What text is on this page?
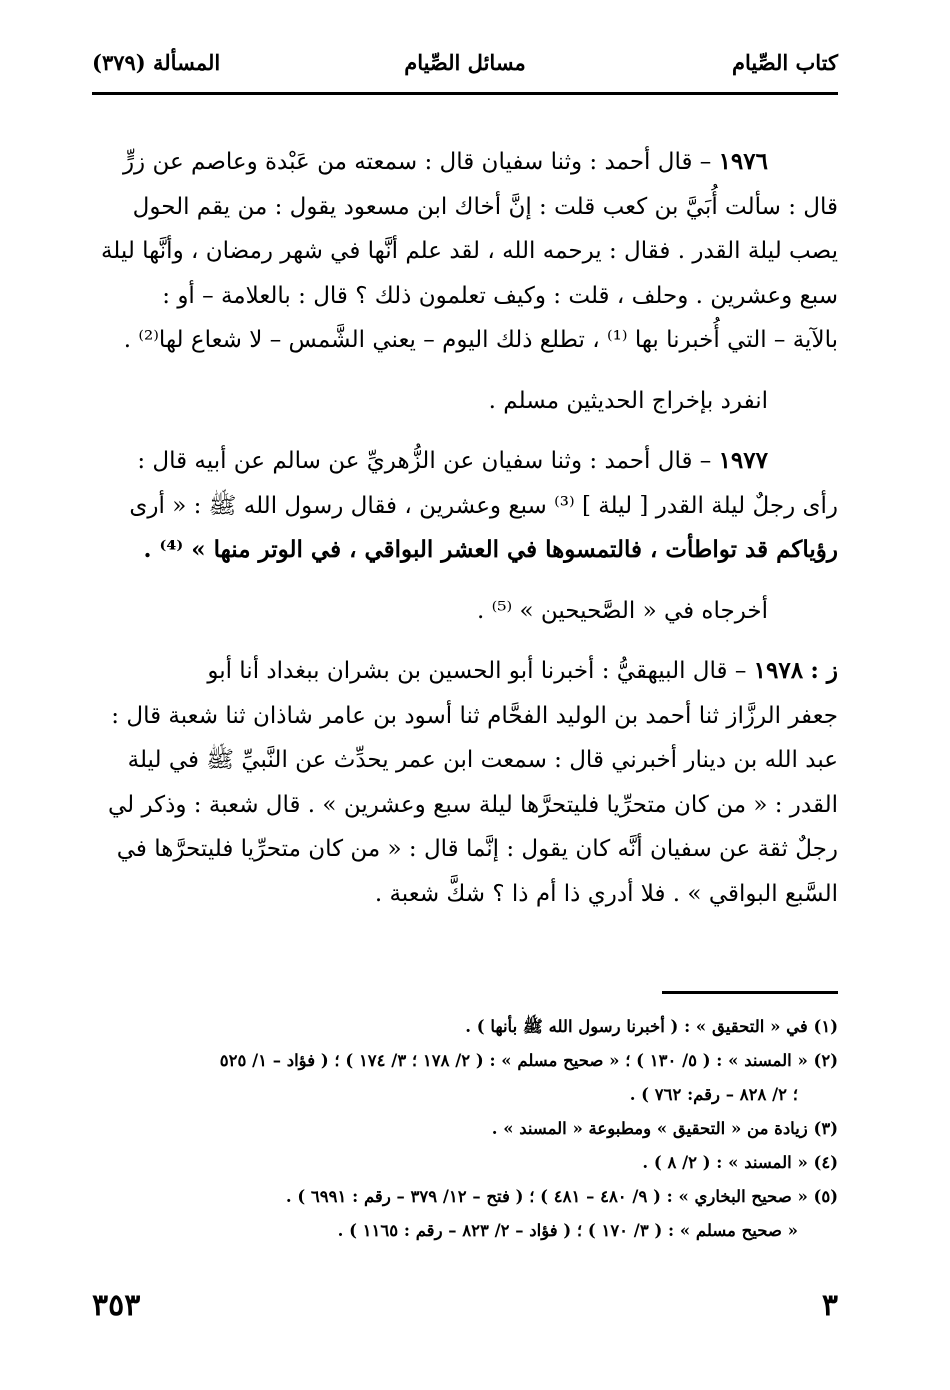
كتاب الصِّيام
مسائل الصِّيام
المسألة (٣٧٩)
١٩٧٦ – قال أحمد : وثنا سفيان قال : سمعته من عَبْدة وعاصم عن زرٍّ
قال : سألت أُبَيَّ بن كعب قلت : إنَّ أخاك ابن مسعود يقول : من يقم الحول
يصب ليلة القدر . فقال : يرحمه الله ، لقد علم أنَّها في شهر رمضان ، وأنَّها ليلة
سبع وعشرين . وحلف ، قلت : وكيف تعلمون ذلك ؟ قال : بالعلامة – أو :
بالآية – التي أُخبرنا بها ⁽¹⁾ ، تطلع ذلك اليوم – يعني الشَّمس – لا شعاع لها⁽²⁾ .
انفرد بإخراج الحديثين مسلم .
١٩٧٧ – قال أحمد : وثنا سفيان عن الزُّهريِّ عن سالم عن أبيه قال :
رأى رجلٌ ليلة القدر [ ليلة ] ⁽³⁾ سبع وعشرين ، فقال رسول الله ﷺ : « أرى
رؤياكم قد تواطأت ، فالتمسوها في العشر البواقي ، في الوتر منها » ⁽⁴⁾ .
أخرجاه في « الصَّحيحين » ⁽⁵⁾ .
ز : ١٩٧٨ – قال البيهقيُّ : أخبرنا أبو الحسين بن بشران ببغداد أنا أبو
جعفر الرزَّاز ثنا أحمد بن الوليد الفحَّام ثنا أسود بن عامر شاذان ثنا شعبة قال :
عبد الله بن دينار أخبرني قال : سمعت ابن عمر يحدِّث عن النَّبيِّ ﷺ في ليلة
القدر : « من كان متحرِّيا فليتحرَّها ليلة سبع وعشرين » . قال شعبة : وذكر لي
رجلٌ ثقة عن سفيان أنَّه كان يقول : إنَّما قال : « من كان متحرِّيا فليتحرَّها في
السَّبع البواقي » . فلا أدري ذا أم ذا ؟ شكَّ شعبة .
(١) في « التحقيق » : ( أخبرنا رسول الله ﷺ بأنها ) .
(٢) « المسند » : ( ٥/ ١٣٠ ) ؛ « صحيح مسلم » : ( ٢/ ١٧٨ ؛ ٣/ ١٧٤ ) ؛ ( فؤاد – ١/ ٥٢٥
؛ ٢/ ٨٢٨ – رقم: ٧٦٢ ) .
(٣) زيادة من « التحقيق » ومطبوعة « المسند » .
(٤) « المسند » : ( ٢/ ٨ ) .
(٥) « صحيح البخاري » : ( ٩/ ٤٨٠ – ٤٨١ ) ؛ ( فتح – ١٢/ ٣٧٩ – رقم : ٦٩٩١ ) .
« صحيح مسلم » : ( ٣/ ١٧٠ ) ؛ ( فؤاد – ٢/ ٨٢٣ – رقم : ١١٦٥ ) .
٣
٣٥٣
